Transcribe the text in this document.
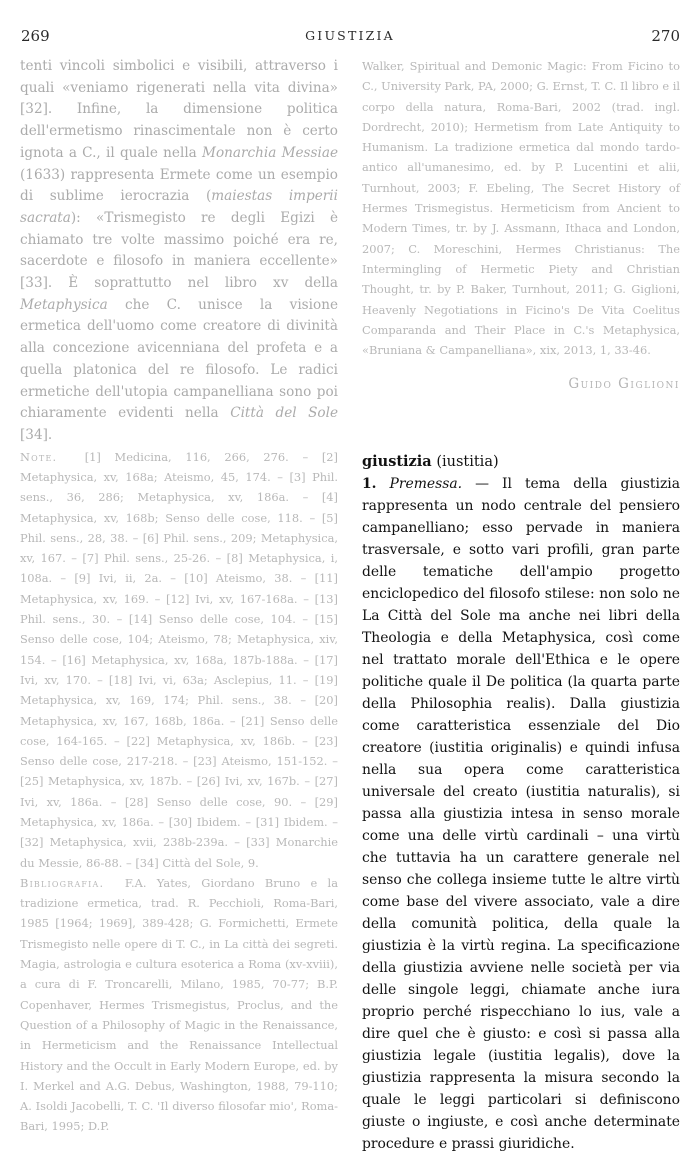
269	GIUSTIZIA	270

tenti vincoli simbolici e visibili, attraverso i quali «veniamo rigenerati nella vita divina» [32]. Infine, la dimensione politica dell'ermetismo rinascimentale non è certo ignota a C., il quale nella Monarchia Messiae (1633) rappresenta Ermete come un esempio di sublime ierocrazia (maiestas imperii sacrata): «Trismegisto re degli Egizi è chiamato tre volte massimo poiché era re, sacerdote e filosofo in maniera eccellente» [33]. È soprattutto nel libro xv della Metaphysica che C. unisce la visione ermetica dell'uomo come creatore di divinità alla concezione avicenniana del profeta e a quella platonica del re filosofo. Le radici ermetiche dell'utopia campanelliana sono poi chiaramente evidenti nella Città del Sole [34].

Note. [1] Medicina, 116, 266, 276. – [2] Metaphysica, xv, 168a; Ateismo, 45, 174. – [3] Phil. sens., 36, 286; Metaphysica, xv, 186a. – [4] Metaphysica, xv, 168b; Senso delle cose, 118. – [5] Phil. sens., 28, 38. – [6] Phil. sens., 209; Metaphysica, xv, 167. – [7] Phil. sens., 25-26. – [8] Metaphysica, i, 108a. – [9] Ivi, ii, 2a. – [10] Ateismo, 38. – [11] Metaphysica, xv, 169. – [12] Ivi, xv, 167-168a. – [13] Phil. sens., 30. – [14] Senso delle cose, 104. – [15] Senso delle cose, 104; Ateismo, 78; Metaphysica, xiv, 154. – [16] Metaphysica, xv, 168a, 187b-188a. – [17] Ivi, xv, 170. – [18] Ivi, vi, 63a; Asclepius, 11. – [19] Metaphysica, xv, 169, 174; Phil. sens., 38. – [20] Metaphysica, xv, 167, 168b, 186a. – [21] Senso delle cose, 164-165. – [22] Metaphysica, xv, 186b. – [23] Senso delle cose, 217-218. – [23] Ateismo, 151-152. – [25] Metaphysica, xv, 187b. – [26] Ivi, xv, 167b. – [27] Ivi, xv, 186a. – [28] Senso delle cose, 90. – [29] Metaphysica, xv, 186a. – [30] Ibidem. – [31] Ibidem. – [32] Metaphysica, xvii, 238b-239a. – [33] Monarchie du Messie, 86-88. – [34] Città del Sole, 9.

Bibliografia. F.A. Yates, Giordano Bruno e la tradizione ermetica, trad. R. Pecchioli, Roma-Bari, 1985 [1964; 1969], 389-428; G. Formichetti, Ermete Trismegisto nelle opere di T. C., in La città dei segreti. Magia, astrologia e cultura esoterica a Roma (xv-xviii), a cura di F. Troncarelli, Milano, 1985, 70-77; B.P. Copenhaver, Hermes Trismegistus, Proclus, and the Question of a Philosophy of Magic in the Renaissance, in Hermeticism and the Renaissance Intellectual History and the Occult in Early Modern Europe, ed. by I. Merkel and A.G. Debus, Washington, 1988, 79-110; A. Isoldi Jacobelli, T. C. 'Il diverso filosofar mio', Roma-Bari, 1995; D.P.

Walker, Spiritual and Demonic Magic: From Ficino to C., University Park, PA, 2000; G. Ernst, T. C. Il libro e il corpo della natura, Roma-Bari, 2002 (trad. ingl. Dordrecht, 2010); Hermetism from Late Antiquity to Humanism. La tradizione ermetica dal mondo tardo-antico all'umanesimo, ed. by P. Lucentini et alii, Turnhout, 2003; F. Ebeling, The Secret History of Hermes Trismegistus. Hermeticism from Ancient to Modern Times, tr. by J. Assmann, Ithaca and London, 2007; C. Moreschini, Hermes Christianus: The Intermingling of Hermetic Piety and Christian Thought, tr. by P. Baker, Turnhout, 2011; G. Giglioni, Heavenly Negotiations in Ficino's De Vita Coelitus Comparanda and Their Place in C.'s Metaphysica, «Bruniana & Campanelliana», xix, 2013, 1, 33-46.

Guido Giglioni
giustizia (iustitia)

1. Premessa. — Il tema della giustizia rappresenta un nodo centrale del pensiero campanelliano; esso pervade in maniera trasversale, e sotto vari profili, gran parte delle tematiche dell'ampio progetto enciclopedico del filosofo stilese: non solo ne La Città del Sole ma anche nei libri della Theologia e della Metaphysica, così come nel trattato morale dell'Ethica e le opere politiche quale il De politica (la quarta parte della Philosophia realis). Dalla giustizia come caratteristica essenziale del Dio creatore (iustitia originalis) e quindi infusa nella sua opera come caratteristica universale del creato (iustitia naturalis), si passa alla giustizia intesa in senso morale come una delle virtù cardinali – una virtù che tuttavia ha un carattere generale nel senso che collega insieme tutte le altre virtù come base del vivere associato, vale a dire della comunità politica, della quale la giustizia è la virtù regina. La specificazione della giustizia avviene nelle società per via delle singole leggi, chiamate anche iura proprio perché rispecchiano lo ius, vale a dire quel che è giusto: e così si passa alla giustizia legale (iustitia legalis), dove la giustizia rappresenta la misura secondo la quale le leggi particolari si definiscono giuste o ingiuste, e così anche determinate procedure e prassi giuridiche.
